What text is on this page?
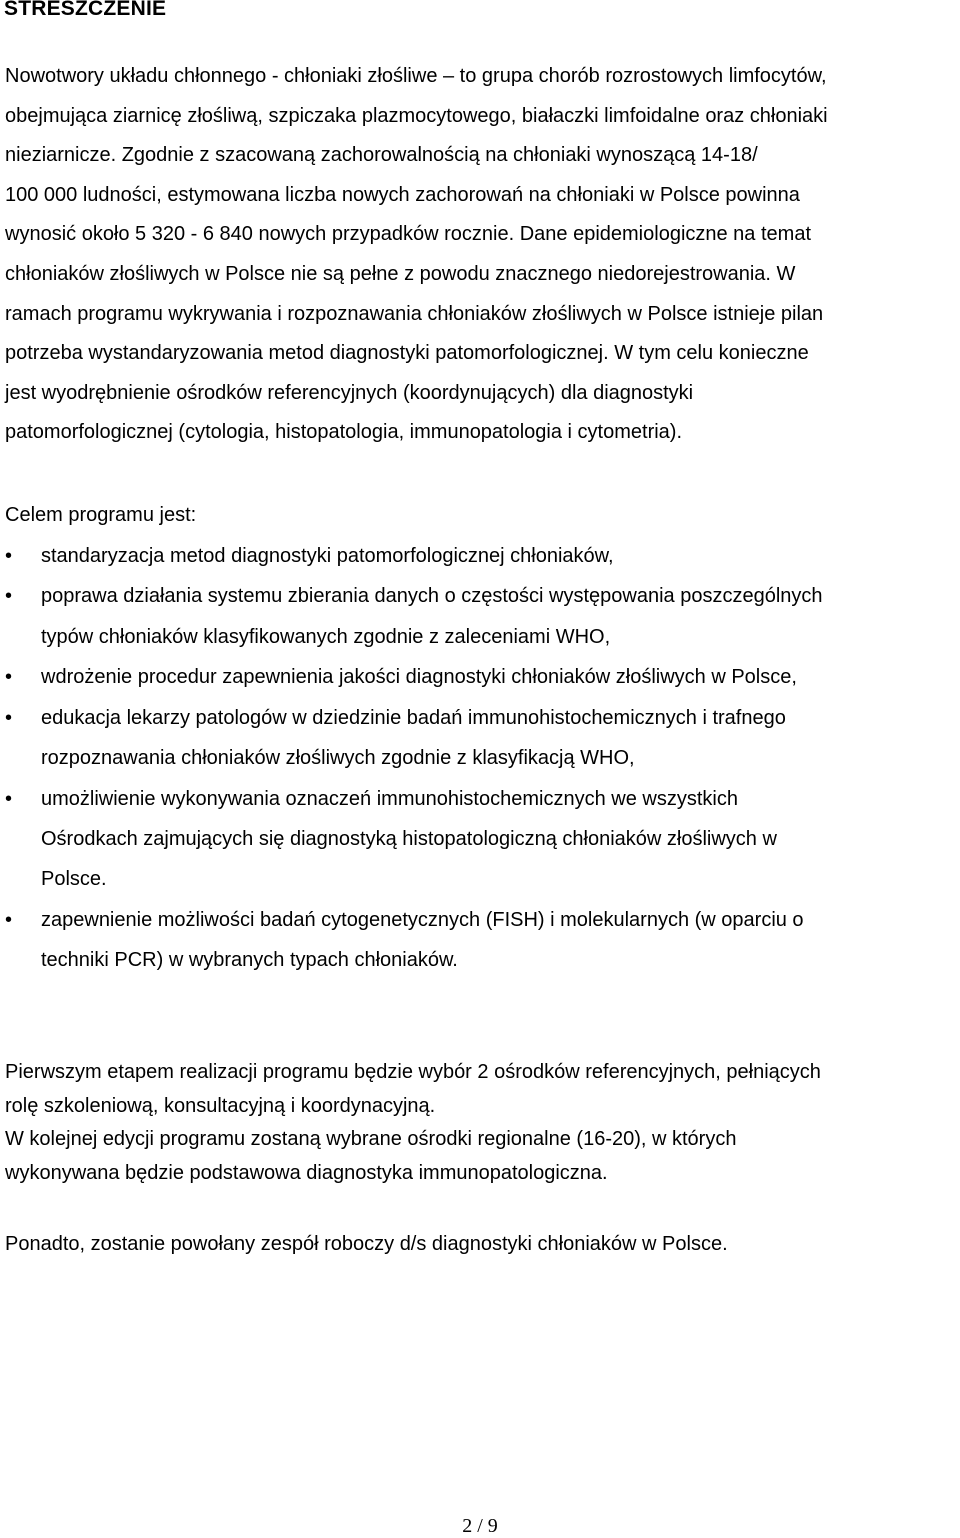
STRESZCZENIE

Nowotwory układu chłonnego - chłoniaki złośliwe – to grupa chorób rozrostowych limfocytów,
obejmująca ziarnicę złośliwą, szpiczaka plazmocytowego, białaczki limfoidalne oraz chłoniaki
nieziarnicze. Zgodnie z szacowaną zachorowalnością na chłoniaki wynoszącą 14-18/
100 000 ludności, estymowana liczba nowych zachorowań na chłoniaki w Polsce powinna
wynosić około 5 320 - 6 840 nowych przypadków rocznie. Dane epidemiologiczne na temat
chłoniaków złośliwych w Polsce nie są pełne z powodu znacznego niedorejestrowania. W
ramach programu wykrywania i rozpoznawania chłoniaków złośliwych w Polsce istnieje pilan
potrzeba wystandaryzowania metod diagnostyki patomorfologicznej. W tym celu konieczne
jest wyodrębnienie ośrodków referencyjnych (koordynujących) dla diagnostyki
patomorfologicznej (cytologia, histopatologia, immunopatologia i cytometria).

Celem programu jest:

• standaryzacja metod diagnostyki patomorfologicznej chłoniaków,
• poprawa działania systemu zbierania danych o częstości występowania poszczególnych
typów chłoniaków klasyfikowanych zgodnie z zaleceniami WHO,
• wdrożenie procedur zapewnienia jakości diagnostyki chłoniaków złośliwych w Polsce,
• edukacja lekarzy patologów w dziedzinie badań immunohistochemicznych i trafnego
rozpoznawania chłoniaków złośliwych zgodnie z klasyfikacją WHO,
• umożliwienie wykonywania oznaczeń immunohistochemicznych we wszystkich
Ośrodkach zajmujących się diagnostyką histopatologiczną chłoniaków złośliwych w
Polsce.
• zapewnienie możliwości badań cytogenetycznych (FISH) i molekularnych (w oparciu o
techniki PCR) w wybranych typach chłoniaków.

Pierwszym etapem realizacji programu będzie wybór 2 ośrodków referencyjnych, pełniących
rolę szkoleniową, konsultacyjną i koordynacyjną.
W kolejnej edycji programu zostaną wybrane ośrodki regionalne (16-20), w których
wykonywana będzie podstawowa diagnostyka immunopatologiczna.

Ponadto, zostanie powołany zespół roboczy d/s diagnostyki chłoniaków w Polsce.

2 / 9
